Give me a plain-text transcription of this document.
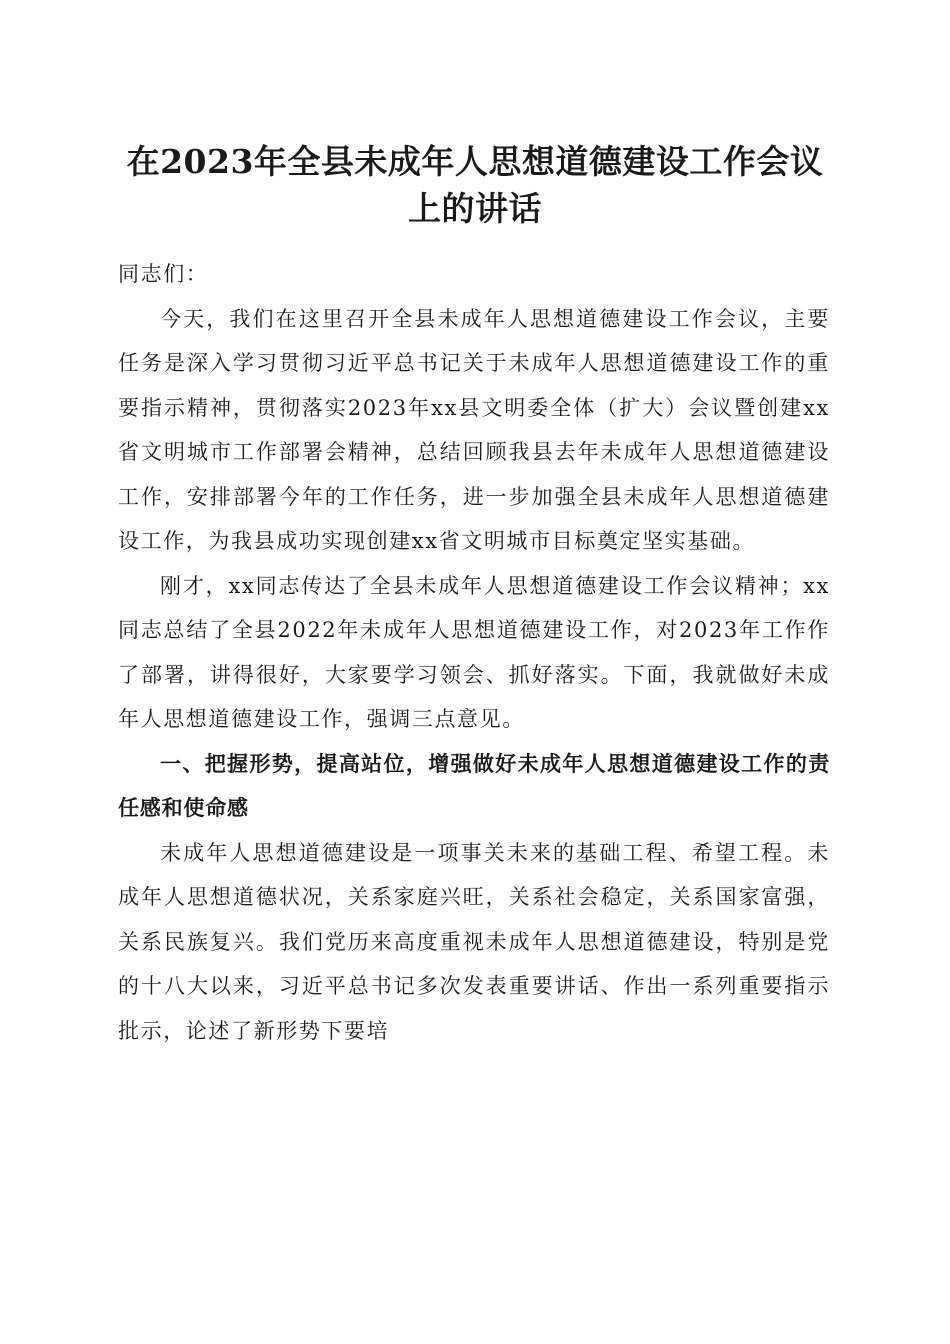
在2023年全县未成年人思想道德建设工作会议上的讲话

同志们：

今天，我们在这里召开全县未成年人思想道德建设工作会议，主要任务是深入学习贯彻习近平总书记关于未成年人思想道德建设工作的重要指示精神，贯彻落实2023年xx县文明委全体（扩大）会议暨创建xx省文明城市工作部署会精神，总结回顾我县去年未成年人思想道德建设工作，安排部署今年的工作任务，进一步加强全县未成年人思想道德建设工作，为我县成功实现创建xx省文明城市目标奠定坚实基础。

刚才，xx同志传达了全县未成年人思想道德建设工作会议精神；xx同志总结了全县2022年未成年人思想道德建设工作，对2023年工作作了部署，讲得很好，大家要学习领会、抓好落实。下面，我就做好未成年人思想道德建设工作，强调三点意见。

一、把握形势，提高站位，增强做好未成年人思想道德建设工作的责任感和使命感

未成年人思想道德建设是一项事关未来的基础工程、希望工程。未成年人思想道德状况，关系家庭兴旺，关系社会稳定，关系国家富强，关系民族复兴。我们党历来高度重视未成年人思想道德建设，特别是党的十八大以来，习近平总书记多次发表重要讲话、作出一系列重要指示批示，论述了新形势下要培
